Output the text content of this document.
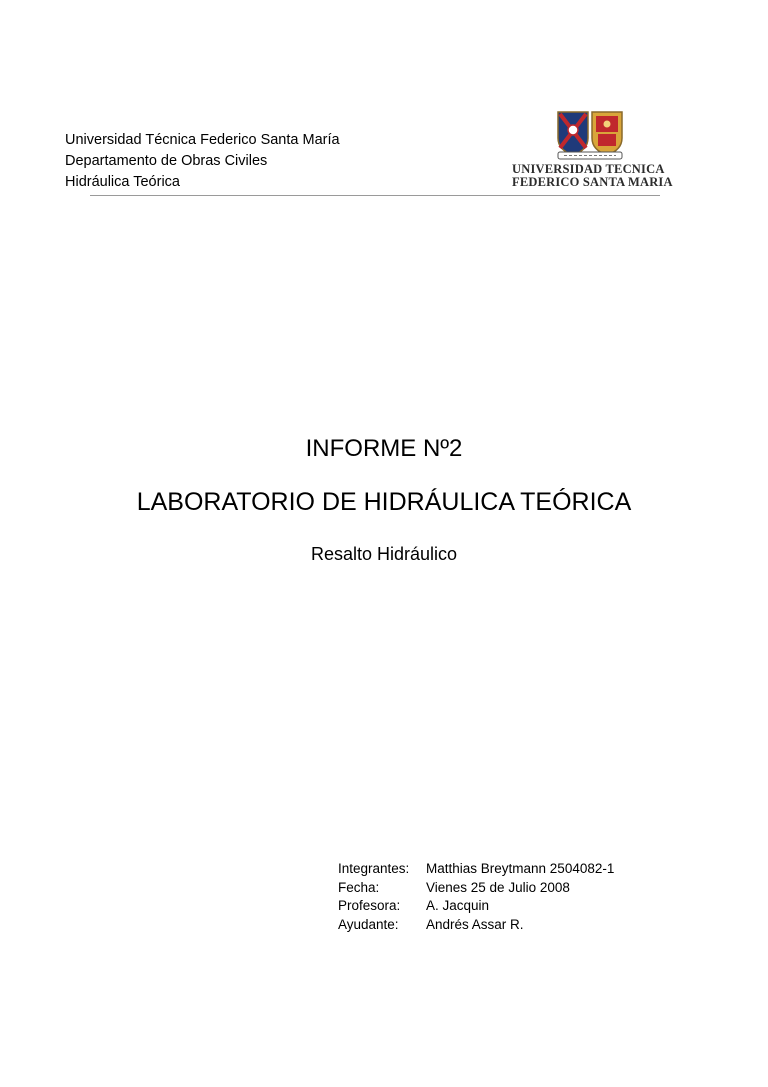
Universidad Técnica Federico Santa María
Departamento de Obras Civiles
Hidráulica Teórica
UNIVERSIDAD TECNICA
FEDERICO SANTA MARIA
INFORME Nº2
LABORATORIO DE HIDRÁULICA TEÓRICA
Resalto Hidráulico
Integrantes:	Matthias Breytmann 2504082-1
Fecha:	Vienes 25 de Julio 2008
Profesora:	A. Jacquin
Ayudante:	Andrés Assar R.
